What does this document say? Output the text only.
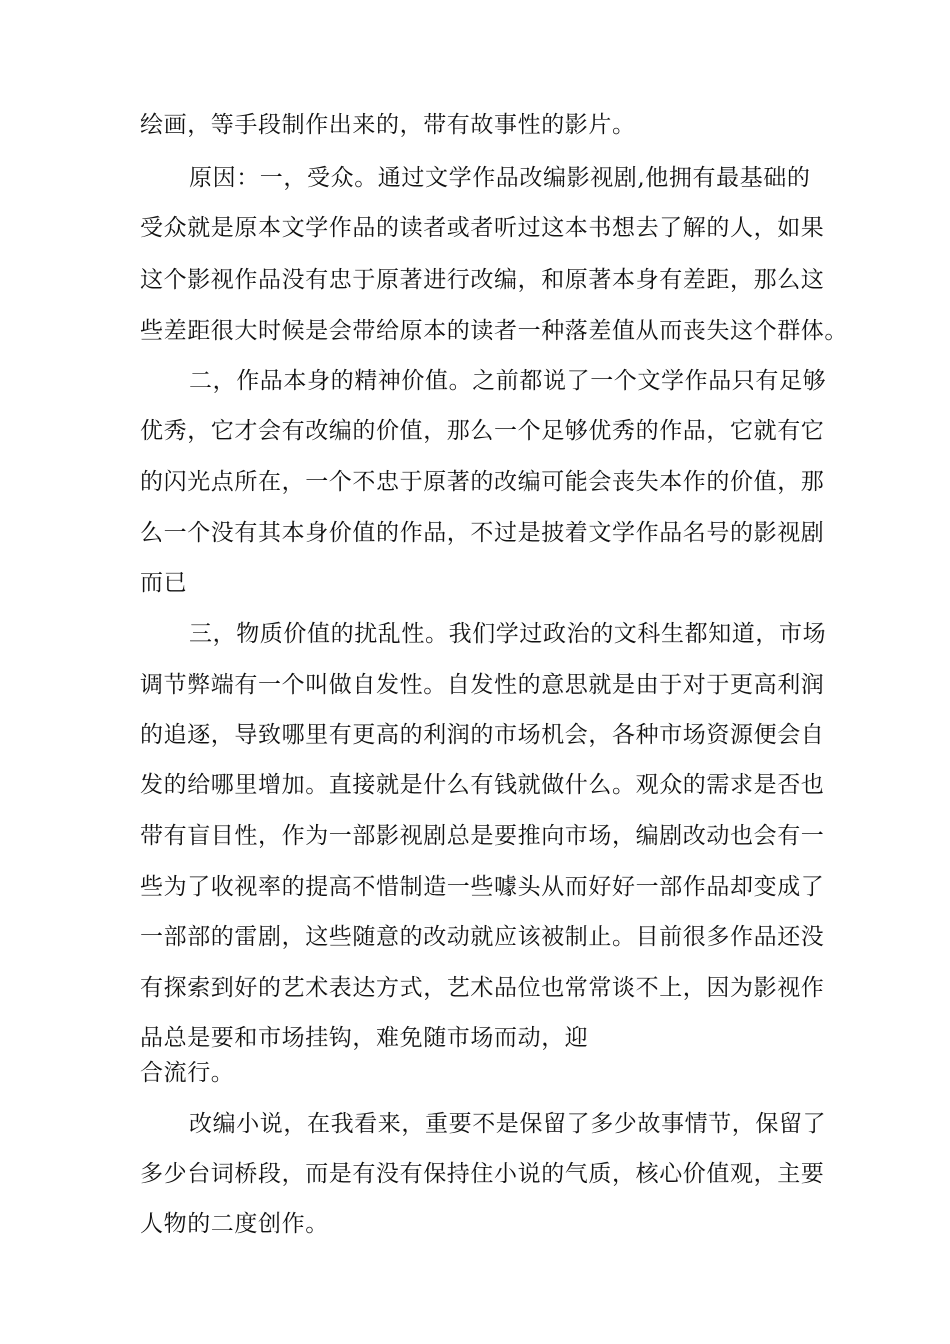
绘画，等手段制作出来的，带有故事性的影片。
原因：一，受众。通过文学作品改编影视剧,他拥有最基础的
受众就是原本文学作品的读者或者听过这本书想去了解的人，如果
这个影视作品没有忠于原著进行改编，和原著本身有差距，那么这
些差距很大时候是会带给原本的读者一种落差值从而丧失这个群体。
二，作品本身的精神价值。之前都说了一个文学作品只有足够
优秀，它才会有改编的价值，那么一个足够优秀的作品，它就有它
的闪光点所在，一个不忠于原著的改编可能会丧失本作的价值，那
么一个没有其本身价值的作品，不过是披着文学作品名号的影视剧
而已
三，物质价值的扰乱性。我们学过政治的文科生都知道，市场
调节弊端有一个叫做自发性。自发性的意思就是由于对于更高利润
的追逐，导致哪里有更高的利润的市场机会，各种市场资源便会自
发的给哪里增加。直接就是什么有钱就做什么。观众的需求是否也
带有盲目性，作为一部影视剧总是要推向市场，编剧改动也会有一
些为了收视率的提高不惜制造一些噱头从而好好一部作品却变成了
一部部的雷剧，这些随意的改动就应该被制止。目前很多作品还没
有探索到好的艺术表达方式，艺术品位也常常谈不上，因为影视作
品总是要和市场挂钩，难免随市场而动，迎
合流行。
改编小说，在我看来，重要不是保留了多少故事情节，保留了
多少台词桥段，而是有没有保持住小说的气质，核心价值观，主要
人物的二度创作。
